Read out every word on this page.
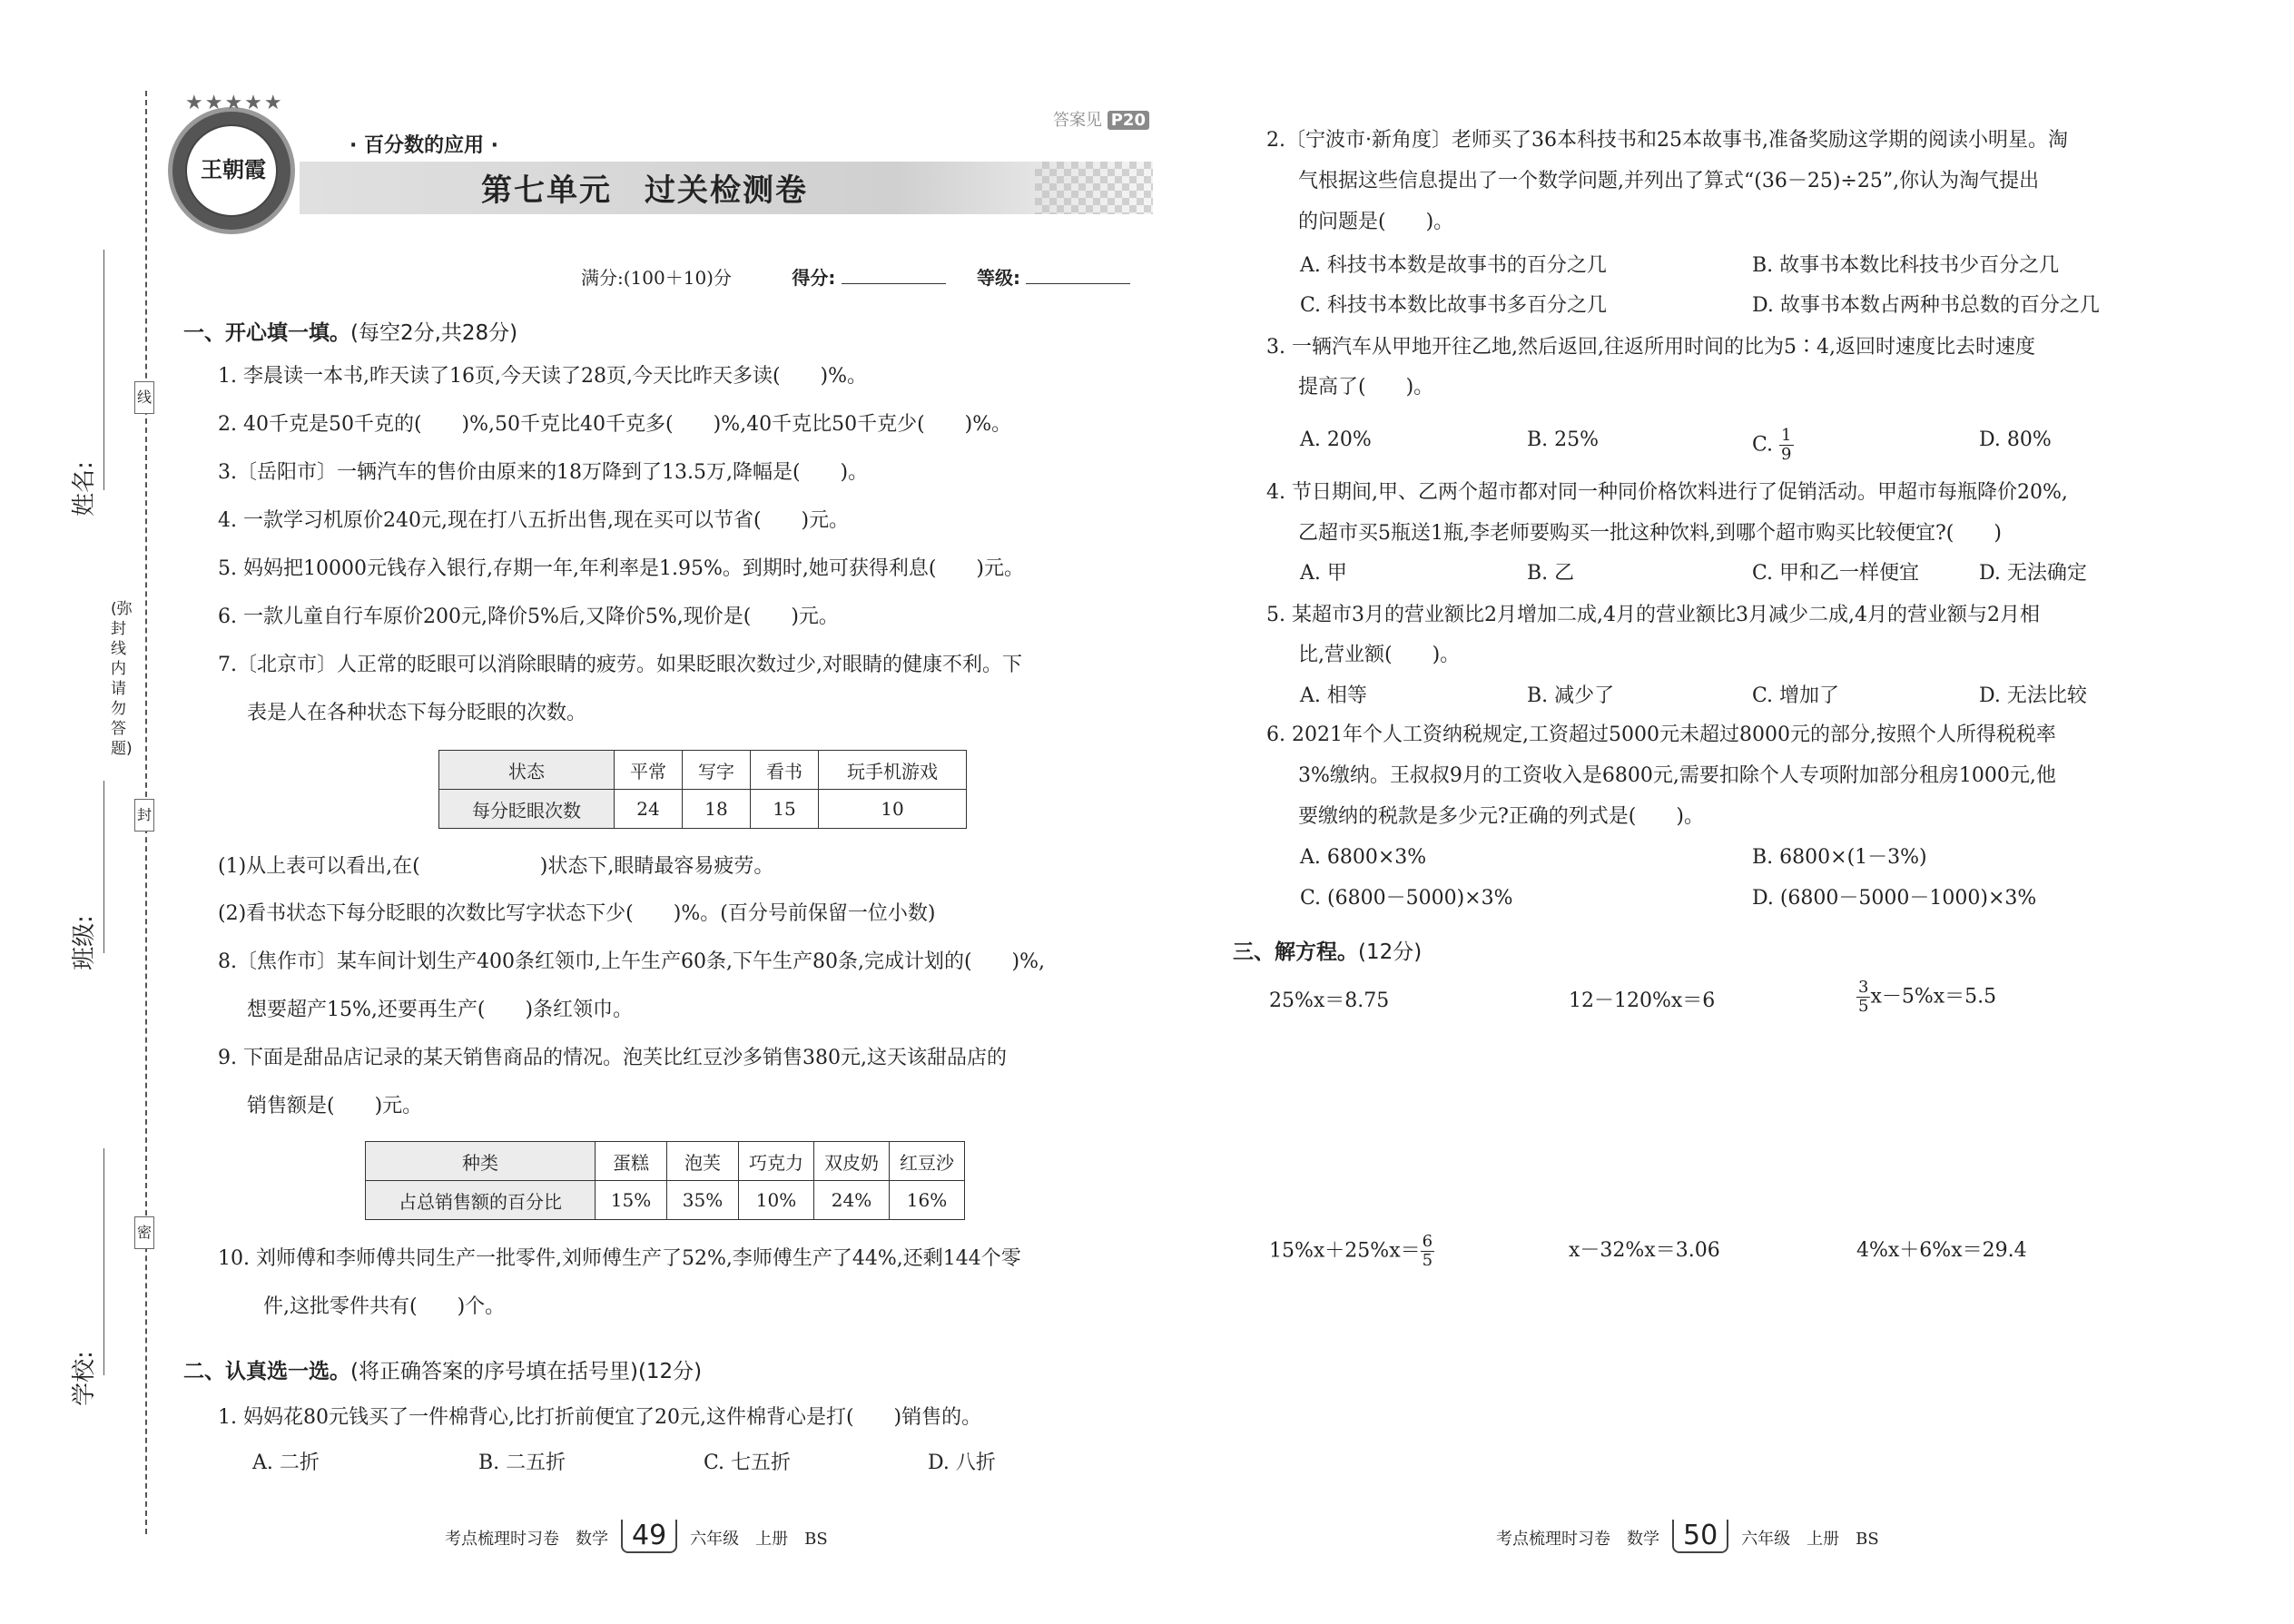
姓名:
班级:
学校:
线
封
密
(弥封线内请勿答题)
★★★★★
王朝霞
· 百分数的应用 ·
第七单元　过关检测卷
答案见 P20
满分:(100＋10)分	得分:	等级:
一、开心填一填。(每空2分,共28分)
1. 李晨读一本书,昨天读了16页,今天读了28页,今天比昨天多读(　　)%。
2. 40千克是50千克的(　　)%,50千克比40千克多(　　)%,40千克比50千克少(　　)%。
3.〔岳阳市〕一辆汽车的售价由原来的18万降到了13.5万,降幅是(　　)。
4. 一款学习机原价240元,现在打八五折出售,现在买可以节省(　　)元。
5. 妈妈把10000元钱存入银行,存期一年,年利率是1.95%。到期时,她可获得利息(　　)元。
6. 一款儿童自行车原价200元,降价5%后,又降价5%,现价是(　　)元。
7.〔北京市〕人正常的眨眼可以消除眼睛的疲劳。如果眨眼次数过少,对眼睛的健康不利。下
表是人在各种状态下每分眨眼的次数。
状态	平常	写字	看书	玩手机游戏
每分眨眼次数	24	18	15	10
(1)从上表可以看出,在(　　　　　　)状态下,眼睛最容易疲劳。
(2)看书状态下每分眨眼的次数比写字状态下少(　　)%。(百分号前保留一位小数)
8.〔焦作市〕某车间计划生产400条红领巾,上午生产60条,下午生产80条,完成计划的(　　)%,
想要超产15%,还要再生产(　　)条红领巾。
9. 下面是甜品店记录的某天销售商品的情况。泡芙比红豆沙多销售380元,这天该甜品店的
销售额是(　　)元。
种类	蛋糕	泡芙	巧克力	双皮奶	红豆沙
占总销售额的百分比	15%	35%	10%	24%	16%
10. 刘师傅和李师傅共同生产一批零件,刘师傅生产了52%,李师傅生产了44%,还剩144个零
件,这批零件共有(　　)个。
二、认真选一选。(将正确答案的序号填在括号里)(12分)
1. 妈妈花80元钱买了一件棉背心,比打折前便宜了20元,这件棉背心是打(　　)销售的。
A. 二折	B. 二五折	C. 七五折	D. 八折
考点梳理时习卷　数学 49 六年级　上册　BS
2.〔宁波市·新角度〕老师买了36本科技书和25本故事书,准备奖励这学期的阅读小明星。淘
气根据这些信息提出了一个数学问题,并列出了算式“(36－25)÷25”,你认为淘气提出
的问题是(　　)。
A. 科技书本数是故事书的百分之几	B. 故事书本数比科技书少百分之几
C. 科技书本数比故事书多百分之几	D. 故事书本数占两种书总数的百分之几
3. 一辆汽车从甲地开往乙地,然后返回,往返所用时间的比为5∶4,返回时速度比去时速度
提高了(　　)。
A. 20%	B. 25%	C. $\frac{1}{9}$	D. 80%
4. 节日期间,甲、乙两个超市都对同一种同价格饮料进行了促销活动。甲超市每瓶降价20%,
乙超市买5瓶送1瓶,李老师要购买一批这种饮料,到哪个超市购买比较便宜?(　　)
A. 甲	B. 乙	C. 甲和乙一样便宜	D. 无法确定
5. 某超市3月的营业额比2月增加二成,4月的营业额比3月减少二成,4月的营业额与2月相
比,营业额(　　)。
A. 相等	B. 减少了	C. 增加了	D. 无法比较
6. 2021年个人工资纳税规定,工资超过5000元未超过8000元的部分,按照个人所得税税率
3%缴纳。王叔叔9月的工资收入是6800元,需要扣除个人专项附加部分租房1000元,他
要缴纳的税款是多少元?正确的列式是(　　)。
A. 6800×3%	B. 6800×(1－3%)
C. (6800－5000)×3%	D. (6800－5000－1000)×3%
三、解方程。(12分)
25%x＝8.75	12－120%x＝6	$\frac{3}{5} x-5\%x=5.5$
$15\%x+25\%x= \frac{6}{5}$	x－32%x＝3.06	4%x＋6%x＝29.4
考点梳理时习卷　数学 50 六年级　上册　BS
